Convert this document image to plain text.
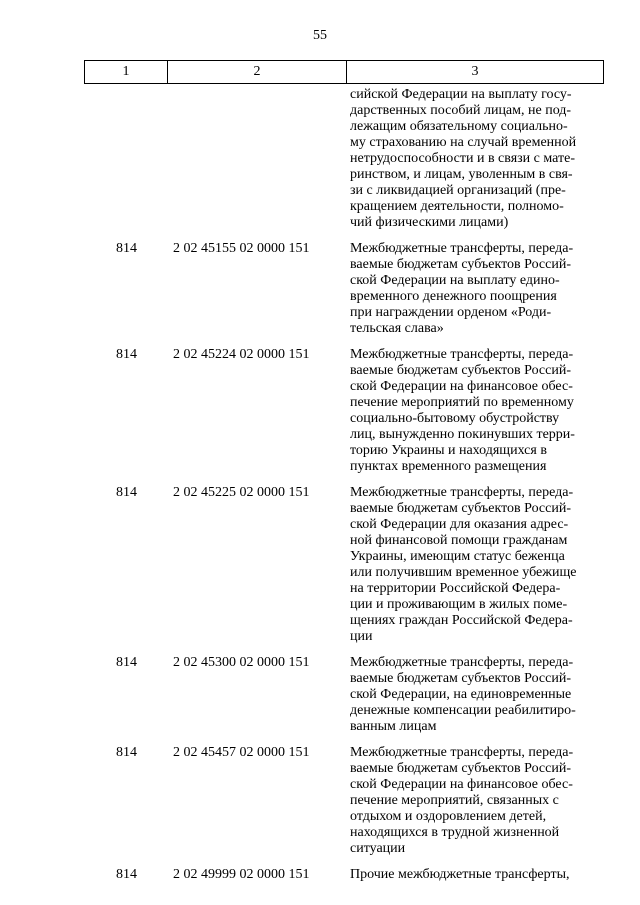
55
1	2	3
сийской Федерации на выплату госу-
дарственных пособий лицам, не под-
лежащим обязательному социально-
му страхованию на случай временной
нетрудоспособности и в связи с мате-
ринством, и лицам, уволенным в свя-
зи с ликвидацией организаций (пре-
кращением деятельности, полномо-
чий физическими лицами)
814	2 02 45155 02 0000 151	Межбюджетные трансферты, переда-
ваемые бюджетам субъектов Россий-
ской Федерации на выплату едино-
временного денежного поощрения
при награждении орденом «Роди-
тельская слава»
814	2 02 45224 02 0000 151	Межбюджетные трансферты, переда-
ваемые бюджетам субъектов Россий-
ской Федерации на финансовое обес-
печение мероприятий по временному
социально-бытовому обустройству
лиц, вынужденно покинувших терри-
торию Украины и находящихся в
пунктах временного размещения
814	2 02 45225 02 0000 151	Межбюджетные трансферты, переда-
ваемые бюджетам субъектов Россий-
ской Федерации для оказания адрес-
ной финансовой помощи гражданам
Украины, имеющим статус беженца
или получившим временное убежище
на территории Российской Федера-
ции и проживающим в жилых поме-
щениях граждан Российской Федера-
ции
814	2 02 45300 02 0000 151	Межбюджетные трансферты, переда-
ваемые бюджетам субъектов Россий-
ской Федерации, на единовременные
денежные компенсации реабилитиро-
ванным лицам
814	2 02 45457 02 0000 151	Межбюджетные трансферты, переда-
ваемые бюджетам субъектов Россий-
ской Федерации на финансовое обес-
печение мероприятий, связанных с
отдыхом и оздоровлением детей,
находящихся в трудной жизненной
ситуации
814	2 02 49999 02 0000 151	Прочие межбюджетные трансферты,
